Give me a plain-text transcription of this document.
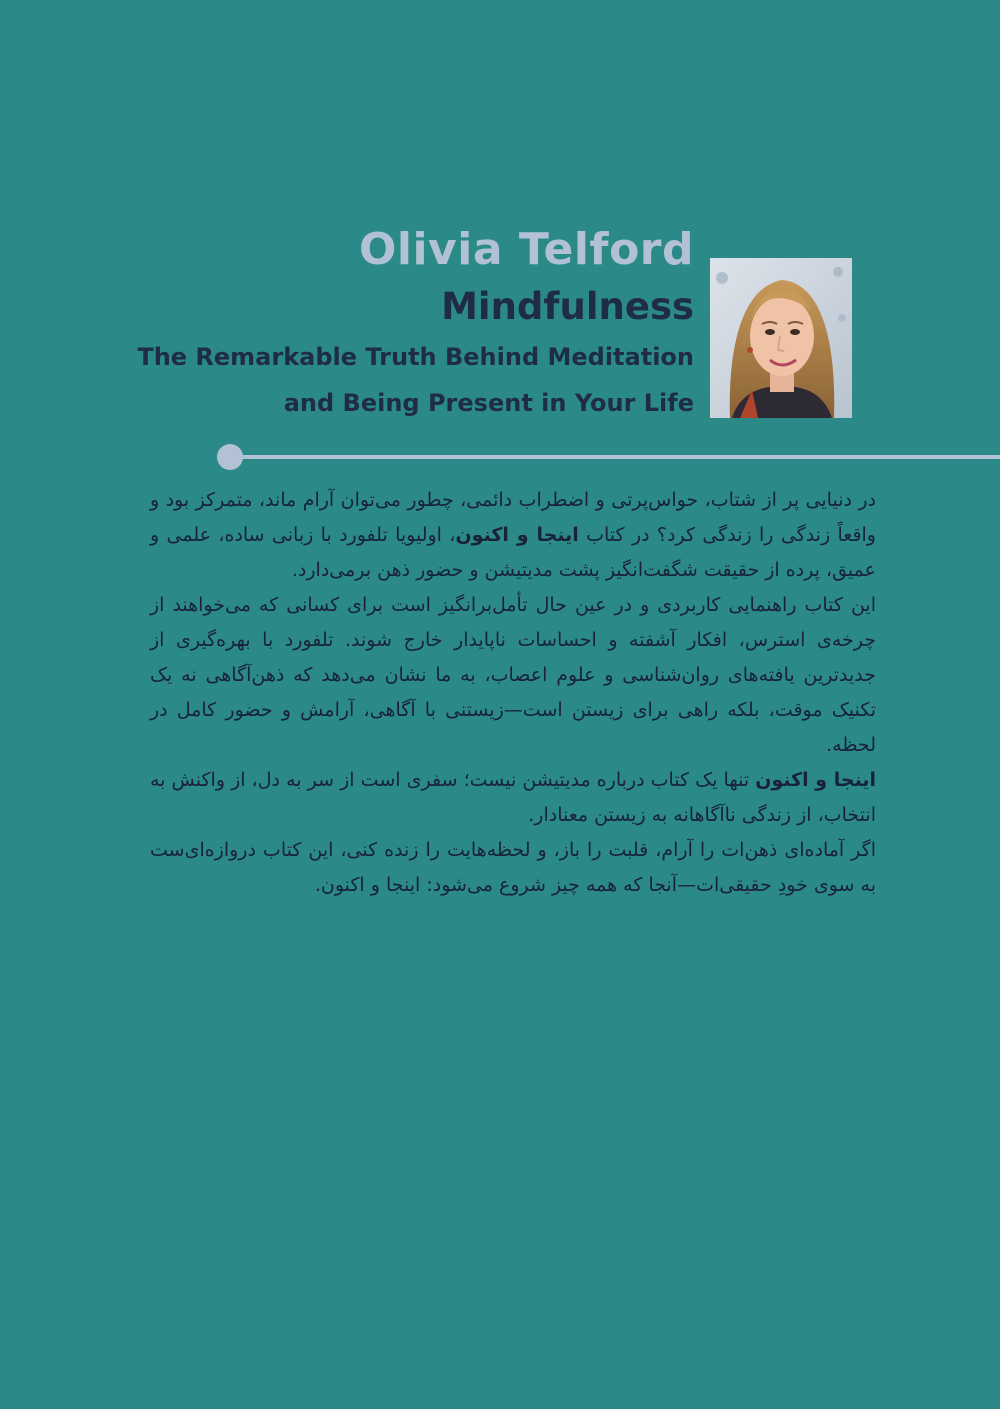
Olivia Telford
Mindfulness
The Remarkable Truth Behind Meditation
and Being Present in Your Life

در دنیایی پر از شتاب، حواس‌پرتی و اضطراب دائمی، چطور می‌توان آرام ماند، متمرکز بود و واقعاً زندگی را زندگی کرد؟ در کتاب اینجا و اکنون، اولیویا تلفورد با زبانی ساده، علمی و عمیق، پرده از حقیقت شگفت‌انگیز پشت مدیتیشن و حضور ذهن برمی‌دارد.

این کتاب راهنمایی کاربردی و در عین حال تأمل‌برانگیز است برای کسانی که می‌خواهند از چرخه‌ی استرس، افکار آشفته و احساسات ناپایدار خارج شوند. تلفورد با بهره‌گیری از جدیدترین یافته‌های روان‌شناسی و علوم اعصاب، به ما نشان می‌دهد که ذهن‌آگاهی نه یک تکنیک موقت، بلکه راهی برای زیستن است—زیستنی با آگاهی، آرامش و حضور کامل در لحظه.

اینجا و اکنون تنها یک کتاب درباره مدیتیشن نیست؛ سفری است از سر به دل، از واکنش به انتخاب، از زندگی ناآگاهانه به زیستن معنادار.

اگر آماده‌ای ذهن‌ات را آرام، قلبت را باز، و لحظه‌هایت را زنده کنی، این کتاب دروازه‌ای‌ست به سوی خودِ حقیقی‌ات—آنجا که همه چیز شروع می‌شود: اینجا و اکنون.
